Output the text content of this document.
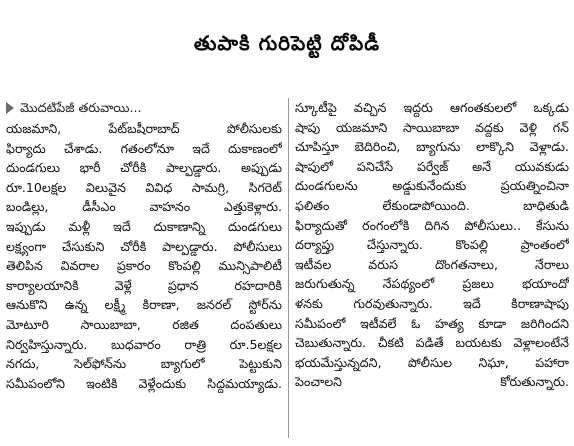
తుపాకి గురిపెట్టి దోపిడీ
మొదటిపేజీ తరువాయి...
యజమాని, పేట్‌బషీరాబాద్ పోలీసులకు
ఫిర్యాదు చేశాడు. గతంలోనూ ఇదే దుకాణంలో
దుండగులు భారీ చోరీకి పాల్పడ్డారు. అప్పుడు
రూ.10లక్షల విలువైన వివిధ సామగ్రి, సిగరెట్
బండిల్లు, డీసీఎం వాహనం ఎత్తుకెళ్లారు.
ఇప్పుడు మళ్లీ ఇదే దుకాణాన్ని దుండగులు
లక్ష్యంగా చేసుకుని చోరీకి పాల్పడ్డారు. పోలీసులు
తెలిపిన వివరాల ప్రకారం కొంపల్లి మున్సిపాలిటీ
కార్యాలయానికి వెళ్లే ప్రధాన రహదారికి
ఆనుకొని ఉన్న లక్ష్మీ కిరాణా, జనరల్ స్టోర్‌ను
మోటూరి సాయిబాబా, రజిత దంపతులు
నిర్వహిస్తున్నారు. బుధవారం రాత్రి రూ.5లక్షల
నగదు, సెల్‌ఫోన్‌ను బ్యాగులో పెట్టుకుని
సమీపంలోని ఇంటికి వెళ్లేందుకు సిద్ధమయ్యాడు.
స్కూటీపై వచ్చిన ఇద్దరు ఆగంతకులలో ఒక్కడు
షాపు యజమాని సాయిబాబా వద్దకు వెళ్లి గన్
చూపిస్తూ బెదిరించి, బ్యాగును లాక్కొని వెళ్లాడు.
షాపులో పనిచేసే పర్వేజ్ అనే యువకుడు
దుండగులను అడ్డుకునేందుకు ప్రయత్నించినా
ఫలితం లేకుండాపోయింది. బాధితుడి
ఫిర్యాదుతో రంగంలోకి దిగిన పోలీసులు.. కేసును
దర్యాప్తు చేస్తున్నారు. కొంపల్లి ప్రాంతంలో
ఇటీవల వరుస దొంగతనాలు, నేరాలు
జరుగుతున్న నేపథ్యంలో ప్రజలు భయాందో
ళనకు గురవుతున్నారు. ఇదే కిరాణాషాపు
సమీపంలో ఇటీవలే ఓ హత్య కూడా జరిగిందని
చెబుతున్నారు. చీకటి పడితే బయటకు వెళ్లాలంటేనే
భయమేస్తున్నదని, పోలీసుల నిఘా, పహారా
పెంచాలని కోరుతున్నారు.
